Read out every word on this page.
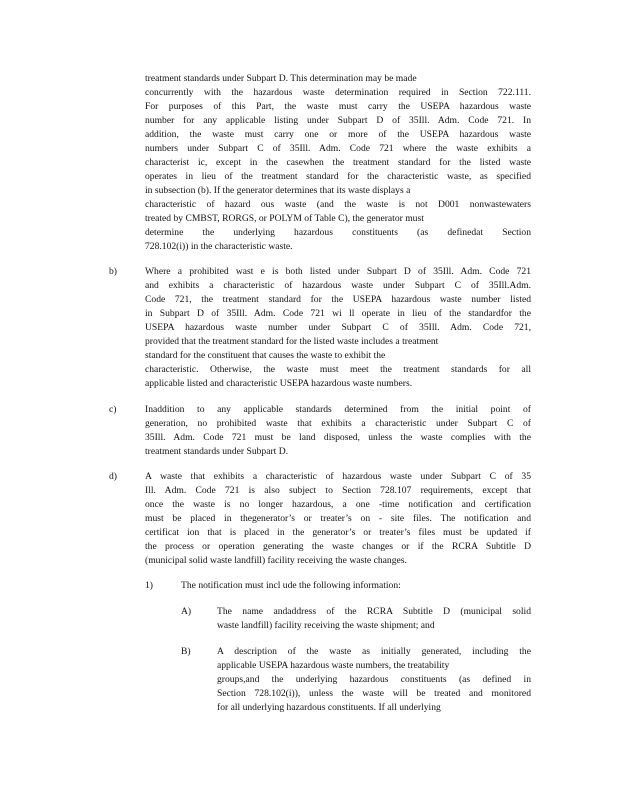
treatment standards under Subpart D. This determination may be made
concurrently with the hazardous waste determination required in Section 722.111.
For purposes of this Part, the waste must carry the USEPA hazardous waste
number for any applicable listing under Subpart D of 35Ill. Adm. Code 721. In
addition, the waste must carry one or more of the USEPA hazardous waste
numbers under Subpart C of 35Ill. Adm. Code 721 where the waste exhibits a
characterist ic, except in the casewhen the treatment standard for the listed waste
operates in lieu of the treatment standard for the characteristic waste, as specified
in subsection (b). If the generator determines that its waste displays a
characteristic of hazard ous waste (and the waste is not D001 nonwastewaters
treated by CMBST, RORGS, or POLYM of Table C), the generator must
determine the underlying hazardous constituents (as definedat Section
728.102(i)) in the characteristic waste.
b)	Where a prohibited wast e is both listed under Subpart D of 35Ill. Adm. Code 721
and exhibits a characteristic of hazardous waste under Subpart C of 35Ill.Adm.
Code 721, the treatment standard for the USEPA hazardous waste number listed
in Subpart D of 35Ill. Adm. Code 721 wi ll operate in lieu of the standardfor the
USEPA hazardous waste number under Subpart C of 35Ill. Adm. Code 721,
provided that the treatment standard for the listed waste includes a treatment
standard for the constituent that causes the waste to exhibit the
characteristic. Otherwise, the waste must meet the treatment standards for all
applicable listed and characteristic USEPA hazardous waste numbers.
c)	Inaddition to any applicable standards determined from the initial point of
generation, no prohibited waste that exhibits a characteristic under Subpart C of
35Ill. Adm. Code 721 must be land disposed, unless the waste complies with the
treatment standards under Subpart D.
d)	A waste that exhibits a characteristic of hazardous waste under Subpart C of 35
Ill. Adm. Code 721 is also subject to Section 728.107 requirements, except that
once the waste is no longer hazardous, a one -time notification and certification
must be placed in thegenerator’s or treater’s on - site files. The notification and
certificat ion that is placed in the generator’s or treater’s files must be updated if
the process or operation generating the waste changes or if the RCRA Subtitle D
(municipal solid waste landfill) facility receiving the waste changes.
1)	The notification must incl ude the following information:
A)	The name andaddress of the RCRA Subtitle D (municipal solid
waste landfill) facility receiving the waste shipment; and
B)	A description of the waste as initially generated, including the
applicable USEPA hazardous waste numbers, the treatability
groups,and the underlying hazardous constituents (as defined in
Section 728.102(i)), unless the waste will be treated and monitored
for all underlying hazardous constituents. If all underlying
